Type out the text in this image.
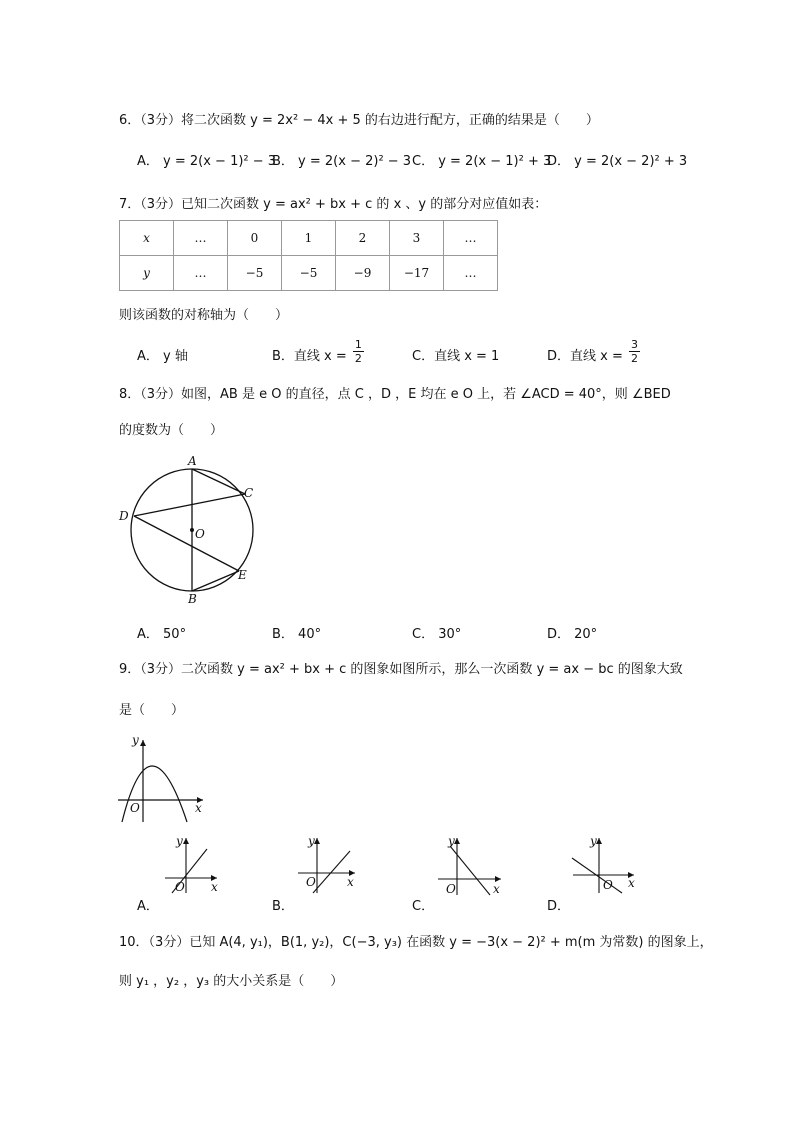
6．（3分）将二次函数 y = 2x² − 4x + 5 的右边进行配方，正确的结果是（　　）
A． y = 2(x − 1)² − 3
B． y = 2(x − 2)² − 3 C． y = 2(x − 1)² + 3
D． y = 2(x − 2)² + 3
7．（3分）已知二次函数 y = ax² + bx + c 的 x 、y 的部分对应值如表：
x	…	0	1	2	3	…
y	…	−5	−5	−9	−17	…
则该函数的对称轴为（　　）
A． y 轴	B．直线 $x = \frac{1}{2}$	C．直线 x = 1	D．直线 $x = \frac{3}{2}$
8．（3分）如图，AB 是 e O 的直径，点 C ，D ，E 均在 e O 上，若 ∠ACD = 40°，则 ∠BED
的度数为（　　）
A
B
C
D
E
O
A． 50°	B． 40°	C． 30°	D． 20°
9．（3分）二次函数 y = ax² + bx + c 的图象如图所示，那么一次函数 y = ax − bc 的图象大致
是（　　）
y
x
O
y
x
O
y
x
O
y
x
O
y
x
O
A．	B．	C．	D．
10．（3分）已知 A(4, y₁)，B(1, y₂)，C(−3, y₃) 在函数 y = −3(x − 2)² + m(m 为常数) 的图象上，
则 y₁ ，y₂ ，y₃ 的大小关系是（　　）
